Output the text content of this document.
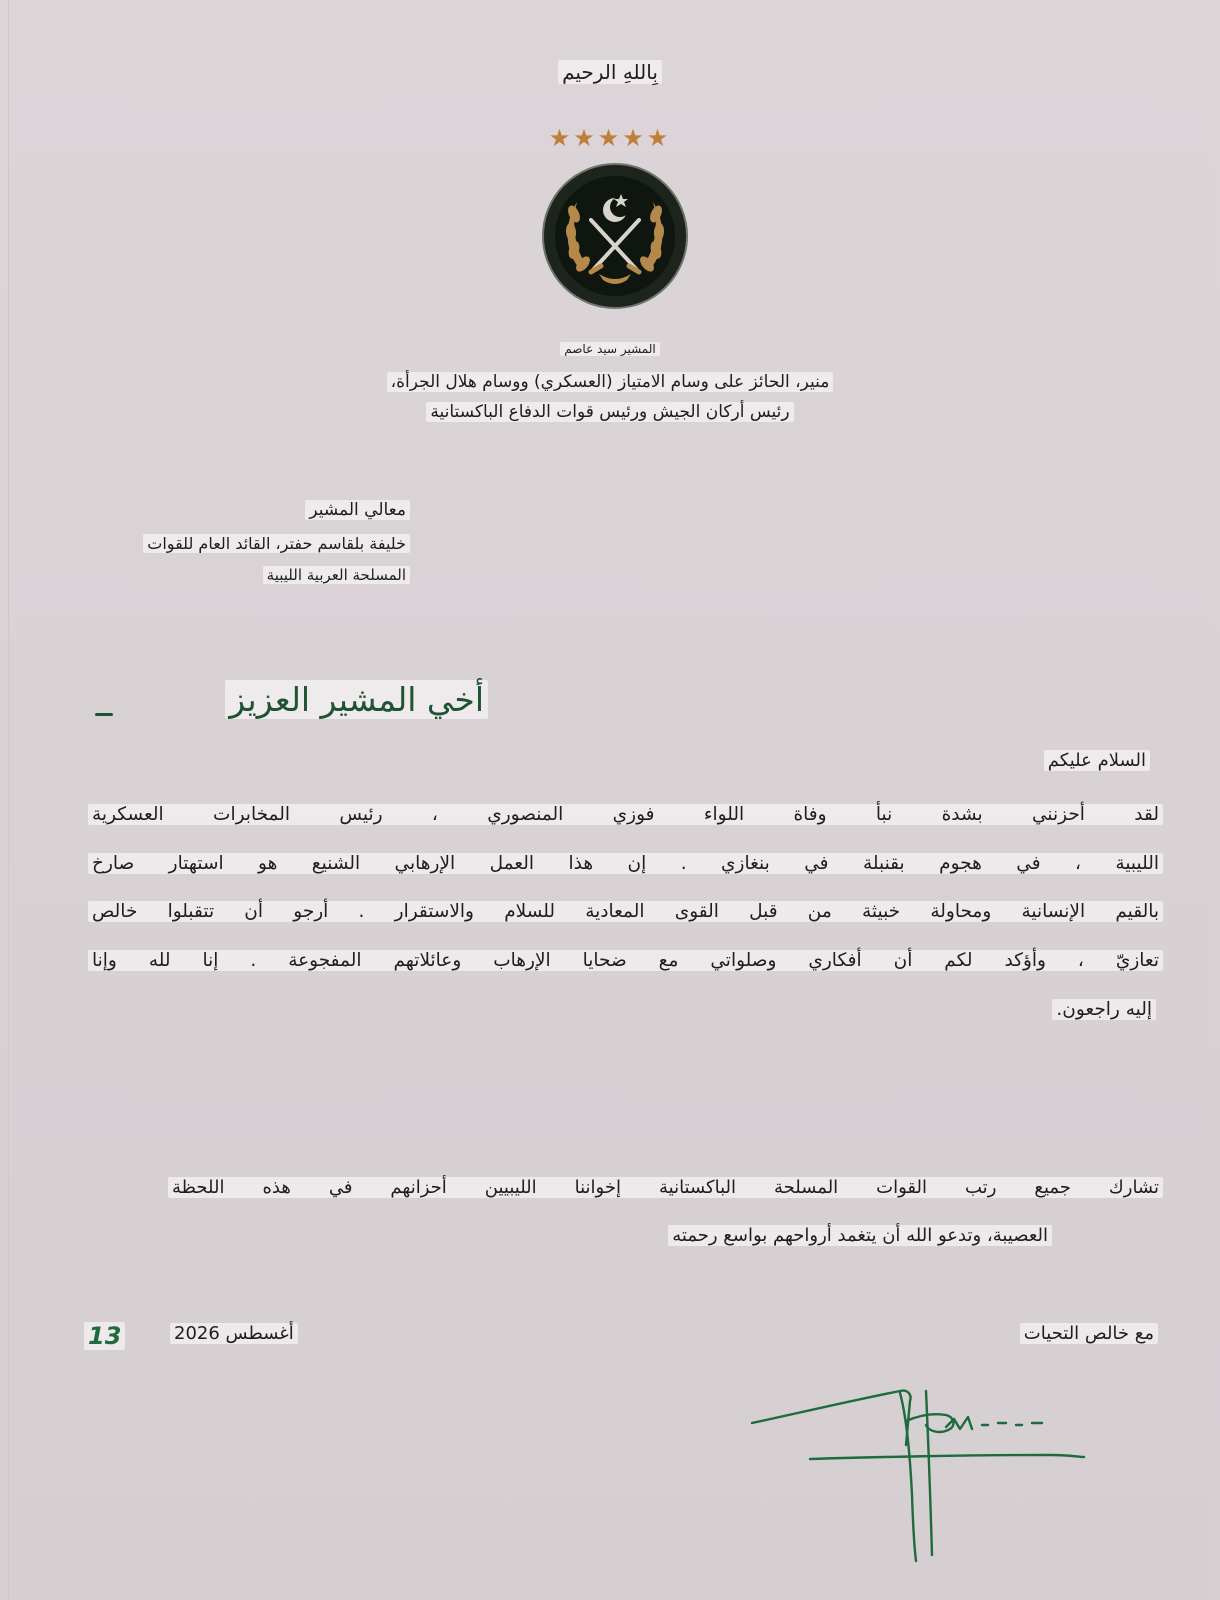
بِاللهِ الرحيم
★★★★★
المشير سيد عاصم
منير، الحائز على وسام الامتياز (العسكري) ووسام هلال الجرأة،
رئيس أركان الجيش ورئيس قوات الدفاع الباكستانية
معالي المشير
خليفة بلقاسم حفتر، القائد العام للقوات
المسلحة العربية الليبية
أخي المشير العزيز
السلام عليكم
لقد أحزنني بشدة نبأ وفاة اللواء فوزي المنصوري ، رئيس المخابرات العسكرية
الليبية ، في هجوم بقنبلة في بنغازي . إن هذا العمل الإرهابي الشنيع هو استهتار صارخ
بالقيم الإنسانية ومحاولة خبيثة من قبل القوى المعادية للسلام والاستقرار . أرجو أن تتقبلوا خالص
تعازيّ ، وأؤكد لكم أن أفكاري وصلواتي مع ضحايا الإرهاب وعائلاتهم المفجوعة . إنا لله وإنا
إليه راجعون.
تشارك جميع رتب القوات المسلحة الباكستانية إخواننا الليبيين أحزانهم في هذه اللحظة
العصيبة، وتدعو الله أن يتغمد أرواحهم بواسع رحمته
13	أغسطس 2026	مع خالص التحيات
